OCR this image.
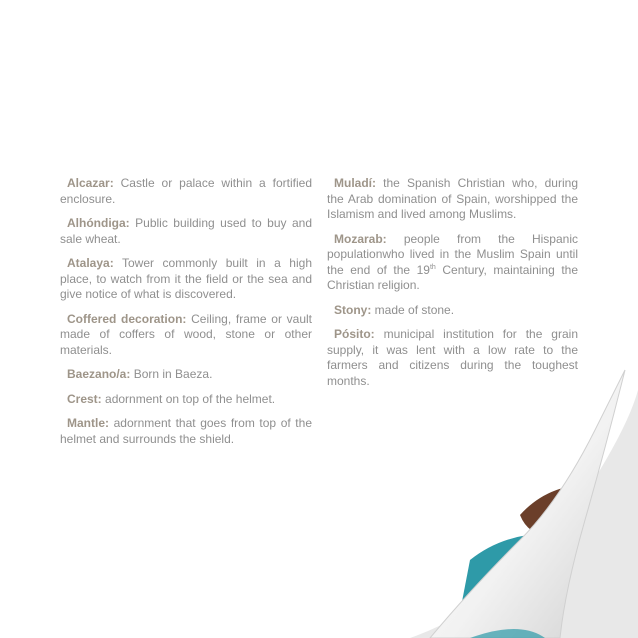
Alcazar: Castle or palace within a fortified enclosure.

Alhóndiga: Public building used to buy and sale wheat.

Atalaya: Tower commonly built in a high place, to watch from it the field or the sea and give notice of what is discovered.

Coffered decoration: Ceiling, frame or vault made of coffers of wood, stone or other materials.

Baezano/a: Born in Baeza.

Crest: adornment on top of the helmet.

Mantle: adornment that goes from top of the helmet and surrounds the shield.

Muladí: the Spanish Christian who, during the Arab domination of Spain, worshipped the Islamism and lived among Muslims.

Mozarab: people from the Hispanic populationwho lived in the Muslim Spain until the end of the 19th Century, maintaining the Christian religion.

Stony: made of stone.

Pósito: municipal institution for the grain supply, it was lent with a low rate to the farmers and citizens during the toughest months.
